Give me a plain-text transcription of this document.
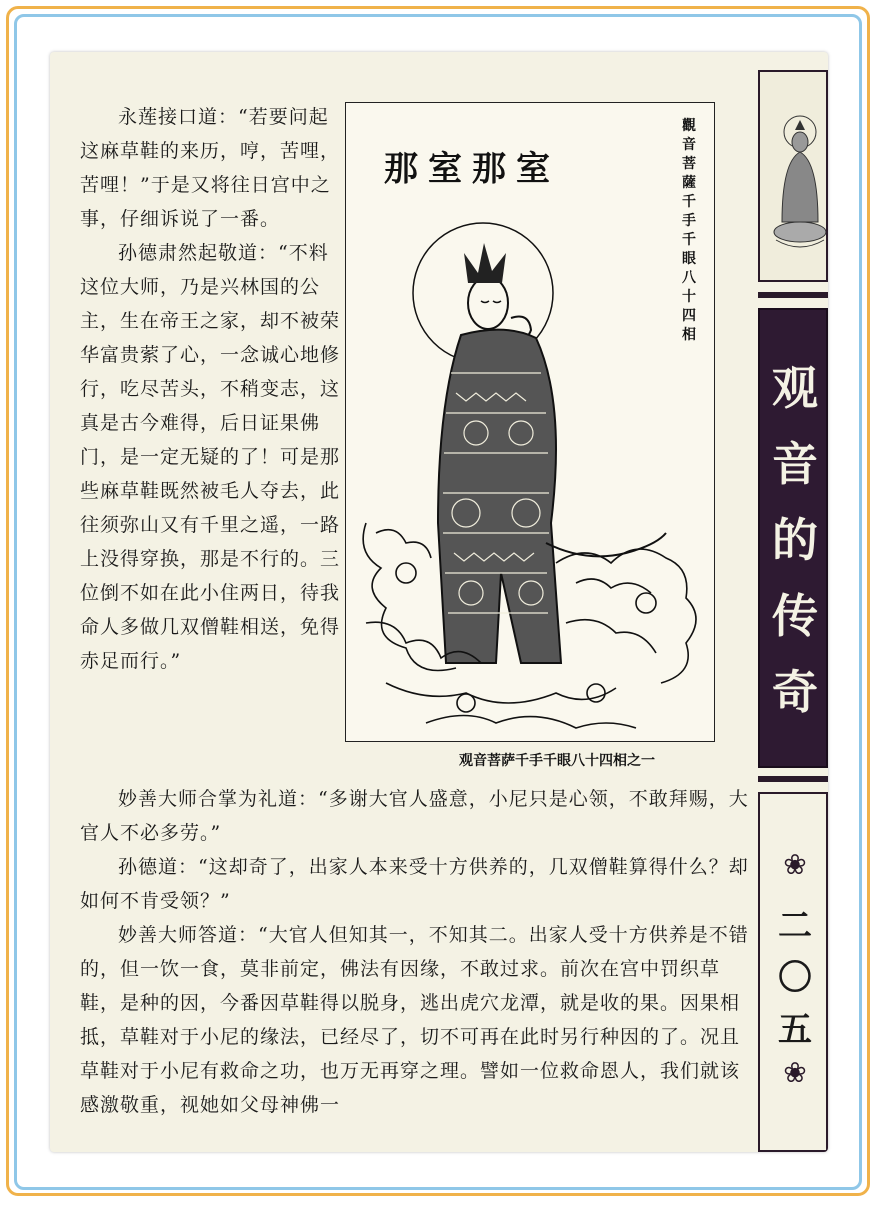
永莲接口道：“若要问起这麻草鞋的来历，哼，苦哩，苦哩！”于是又将往日宫中之事，仔细诉说了一番。

孙德肃然起敬道：“不料这位大师，乃是兴林国的公主，生在帝王之家，却不被荣华富贵萦了心，一念诚心地修行，吃尽苦头，不稍变志，这真是古今难得，后日证果佛门，是一定无疑的了！可是那些麻草鞋既然被毛人夺去，此往须弥山又有千里之遥，一路上没得穿换，那是不行的。三位倒不如在此小住两日，待我命人多做几双僧鞋相送，免得赤足而行。”

那室那室
觀音菩薩千手千眼八十四相
观音菩萨千手千眼八十四相之一

妙善大师合掌为礼道：“多谢大官人盛意，小尼只是心领，不敢拜赐，大官人不必多劳。”

孙德道：“这却奇了，出家人本来受十方供养的，几双僧鞋算得什么？却如何不肯受领？”

妙善大师答道：“大官人但知其一，不知其二。出家人受十方供养是不错的，但一饮一食，莫非前定，佛法有因缘，不敢过求。前次在宫中罚织草鞋，是种的因，今番因草鞋得以脱身，逃出虎穴龙潭，就是收的果。因果相抵，草鞋对于小尼的缘法，已经尽了，切不可再在此时另行种因的了。况且草鞋对于小尼有救命之功，也万无再穿之理。譬如一位救命恩人，我们就该感激敬重，视她如父母神佛一

观音的传奇
❀
二〇五
❀
